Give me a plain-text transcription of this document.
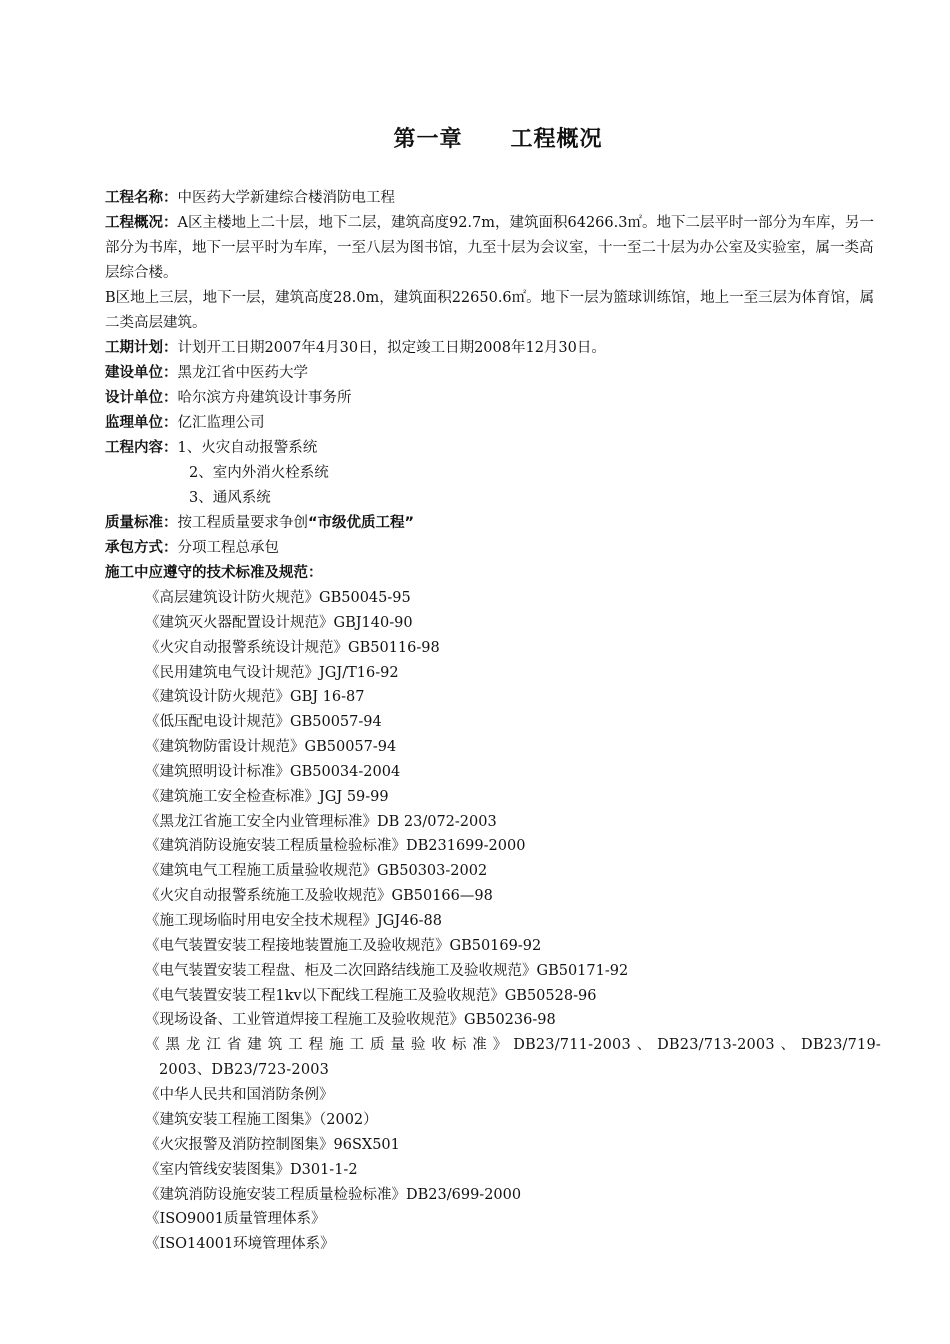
第一章 工程概况
工程名称：中医药大学新建综合楼消防电工程
工程概况：A区主楼地上二十层，地下二层，建筑高度92.7m，建筑面积64266.3㎡。地下二层平时一部分为车库，另一部分为书库，地下一层平时为车库，一至八层为图书馆，九至十层为会议室，十一至二十层为办公室及实验室，属一类高层综合楼。
B区地上三层，地下一层，建筑高度28.0m，建筑面积22650.6㎡。地下一层为篮球训练馆，地上一至三层为体育馆，属二类高层建筑。
工期计划：计划开工日期2007年4月30日，拟定竣工日期2008年12月30日。
建设单位：黑龙江省中医药大学
设计单位：哈尔滨方舟建筑设计事务所
监理单位：亿汇监理公司
工程内容：1、火灾自动报警系统
2、室内外消火栓系统
3、通风系统
质量标准：按工程质量要求争创“市级优质工程”
承包方式：分项工程总承包
施工中应遵守的技术标准及规范：
《高层建筑设计防火规范》GB50045-95
《建筑灭火器配置设计规范》GBJ140-90
《火灾自动报警系统设计规范》GB50116-98
《民用建筑电气设计规范》JGJ/T16-92
《建筑设计防火规范》GBJ 16-87
《低压配电设计规范》GB50057-94
《建筑物防雷设计规范》GB50057-94
《建筑照明设计标准》GB50034-2004
《建筑施工安全检查标准》JGJ 59-99
《黑龙江省施工安全内业管理标准》DB 23/072-2003
《建筑消防设施安装工程质量检验标准》DB231699-2000
《建筑电气工程施工质量验收规范》GB50303-2002
《火灾自动报警系统施工及验收规范》GB50166—98
《施工现场临时用电安全技术规程》JGJ46-88
《电气装置安装工程接地装置施工及验收规范》GB50169-92
《电气装置安装工程盘、柜及二次回路结线施工及验收规范》GB50171-92
《电气装置安装工程1kv以下配线工程施工及验收规范》GB50528-96
《现场设备、工业管道焊接工程施工及验收规范》GB50236-98
《黑龙江省建筑工程施工质量验收标准》DB23/711-2003、DB23/713-2003、DB23/719-
2003、DB23/723-2003
《中华人民共和国消防条例》
《建筑安装工程施工图集》（2002）
《火灾报警及消防控制图集》96SX501
《室内管线安装图集》D301-1-2
《建筑消防设施安装工程质量检验标准》DB23/699-2000
《ISO9001质量管理体系》
《ISO14001环境管理体系》
